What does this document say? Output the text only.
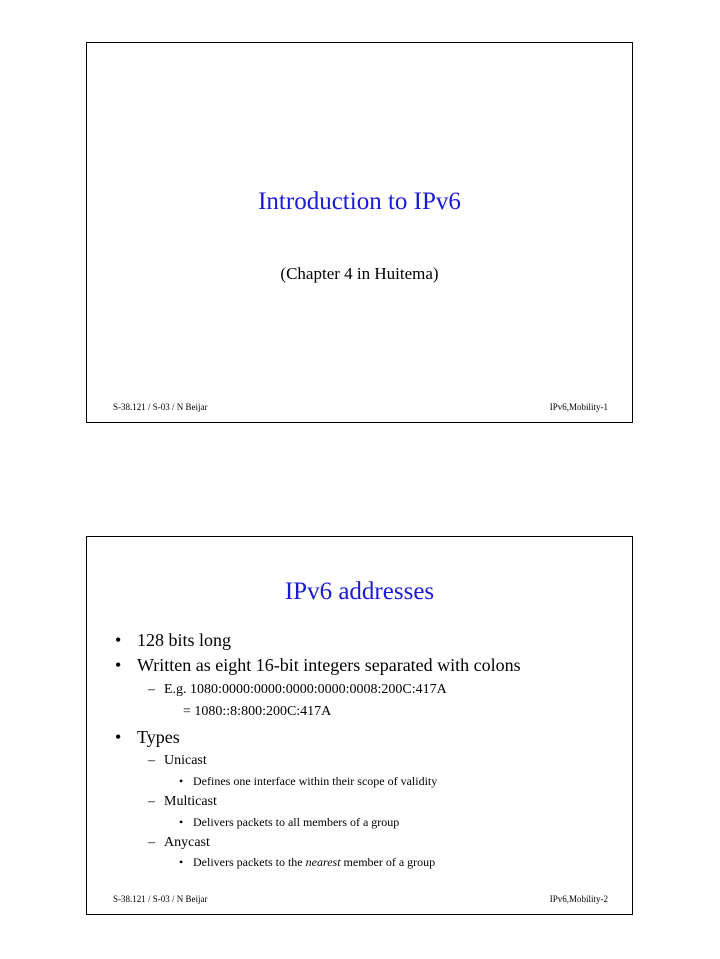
Introduction to IPv6
(Chapter 4 in Huitema)
S-38.121 / S-03 / N Beijar	IPv6,Mobility-1
IPv6 addresses
• 128 bits long
• Written as eight 16-bit integers separated with colons
– E.g. 1080:0000:0000:0000:0000:0008:200C:417A
= 1080::8:800:200C:417A
• Types
– Unicast
• Defines one interface within their scope of validity
– Multicast
• Delivers packets to all members of a group
– Anycast
• Delivers packets to the nearest member of a group
S-38.121 / S-03 / N Beijar	IPv6,Mobility-2
